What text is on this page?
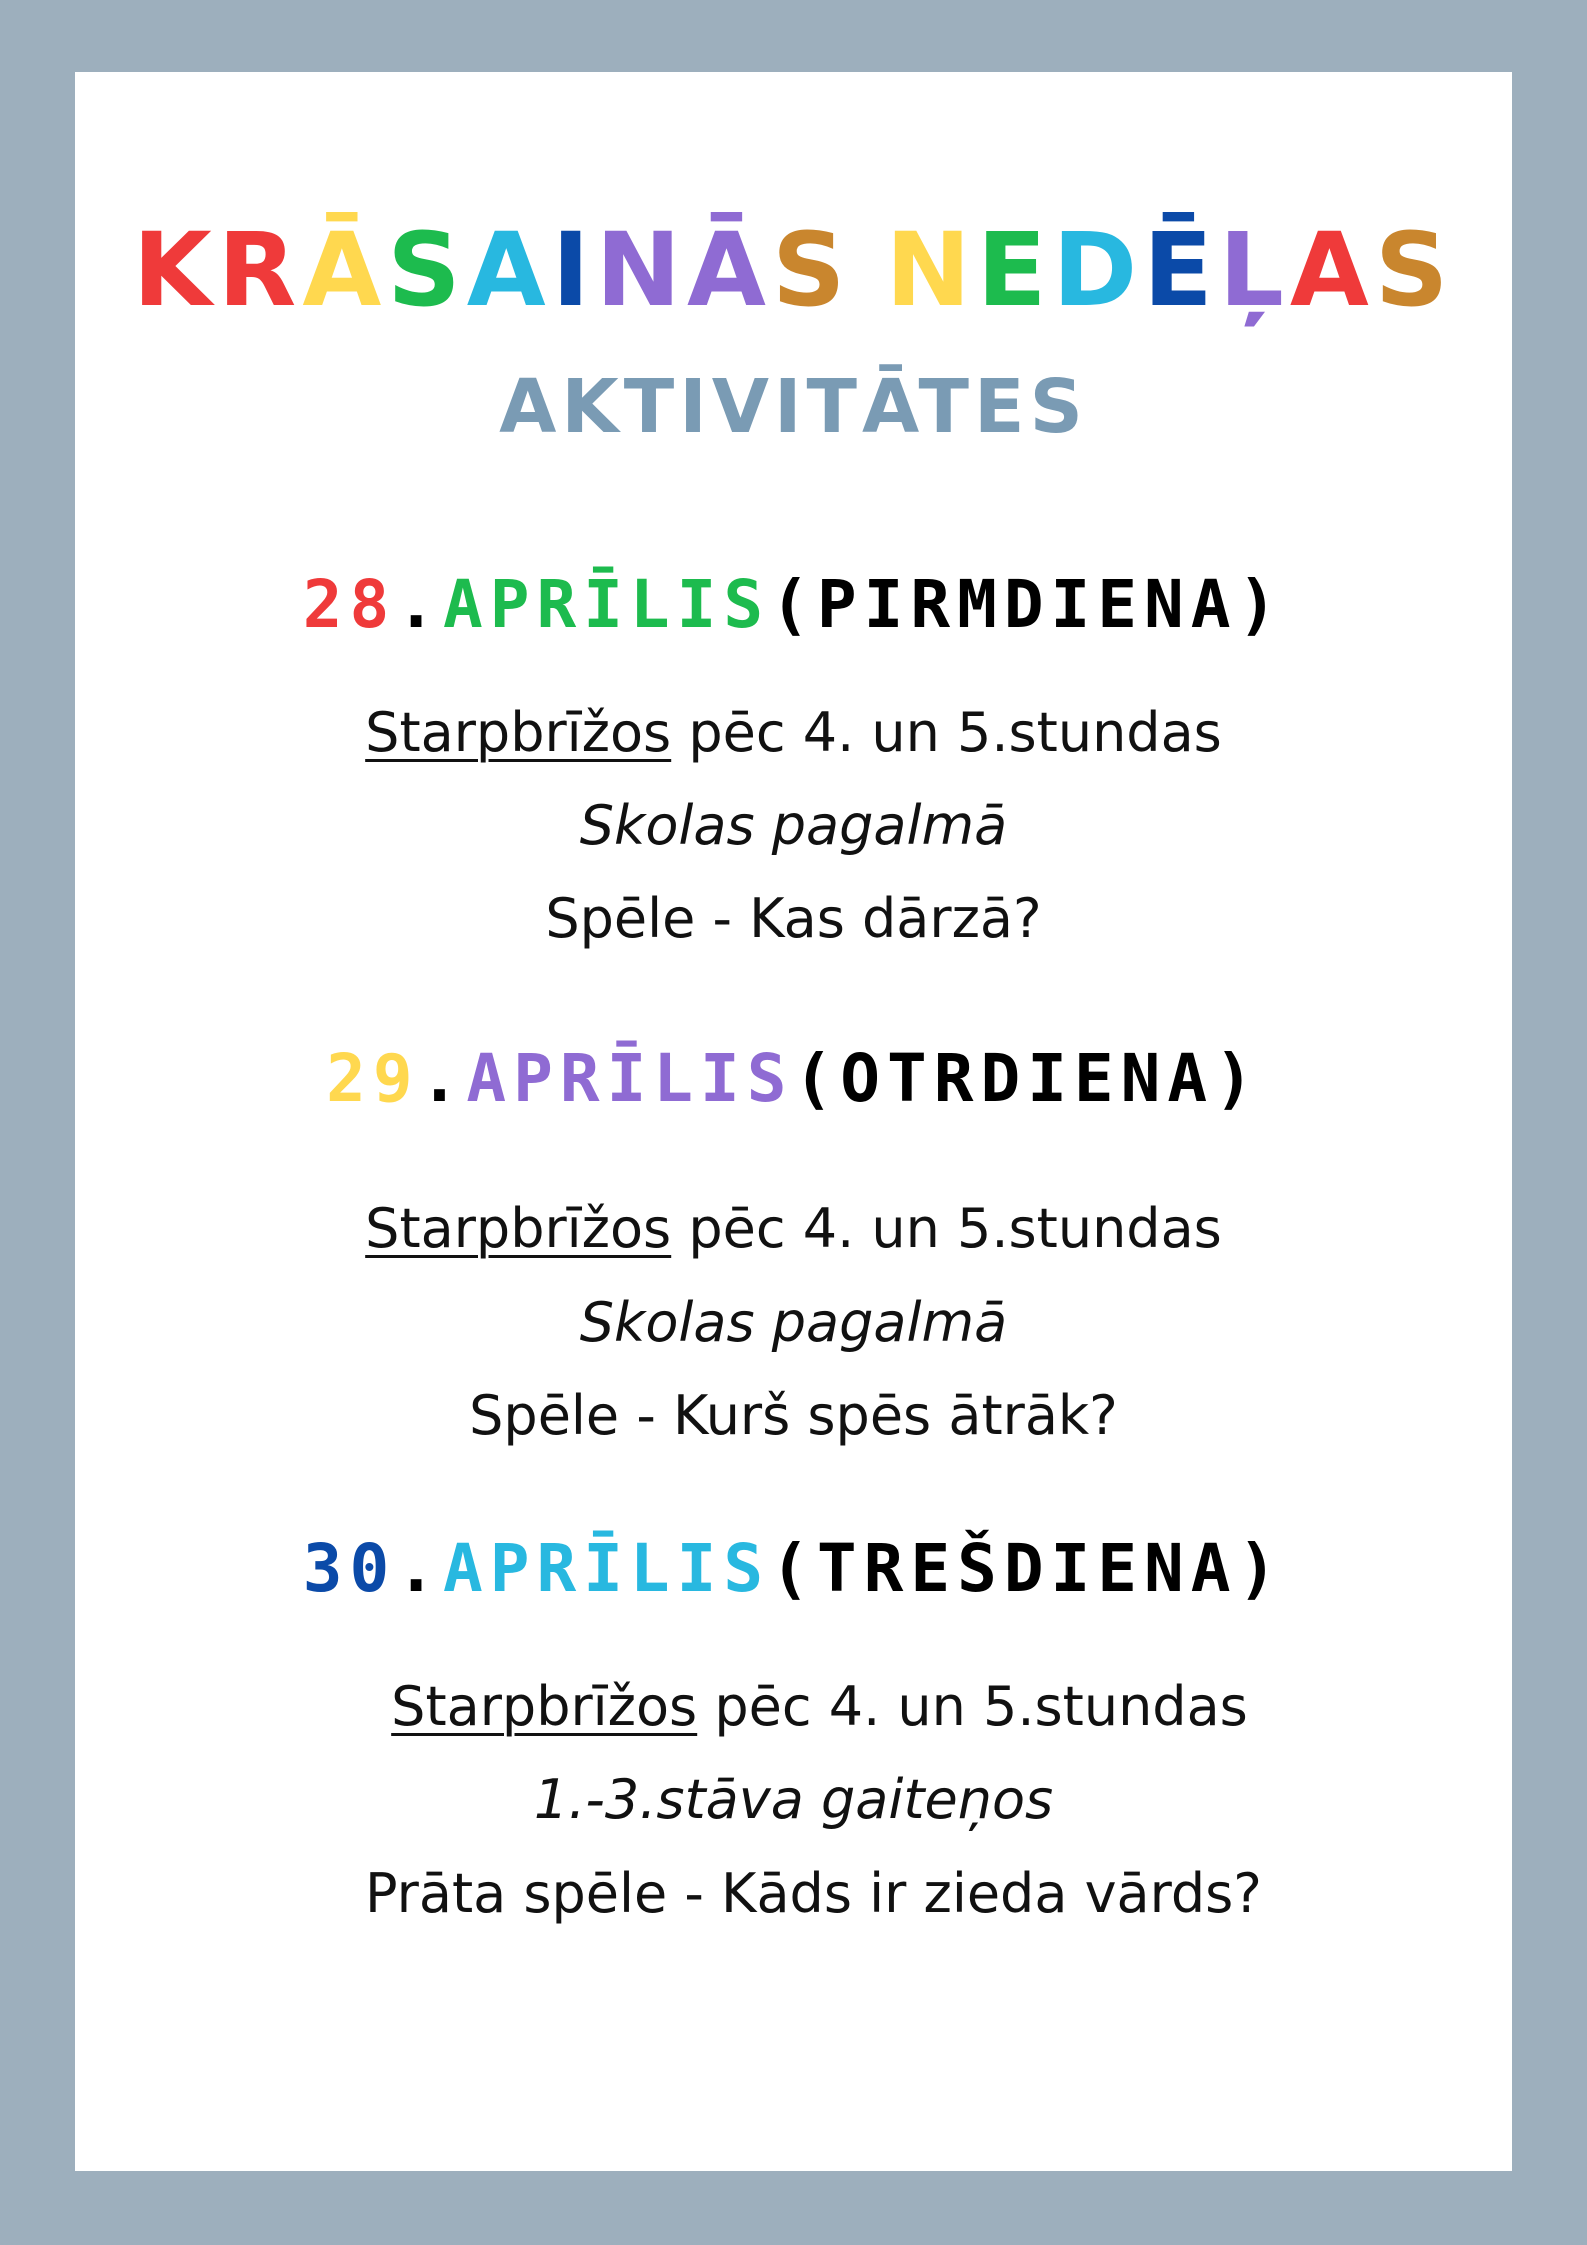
KRĀSAINĀS NEDĒĻAS
AKTIVITĀTES
28.APRĪLIS(PIRMDIENA)
Starpbrīžos pēc 4. un 5.stundas
Skolas pagalmā
Spēle - Kas dārzā?
29.APRĪLIS(OTRDIENA)
Starpbrīžos pēc 4. un 5.stundas
Skolas pagalmā
Spēle - Kurš spēs ātrāk?
30.APRĪLIS(TREŠDIENA)
Starpbrīžos pēc 4. un 5.stundas
1.-3.stāva gaiteņos
Prāta spēle - Kāds ir zieda vārds?
